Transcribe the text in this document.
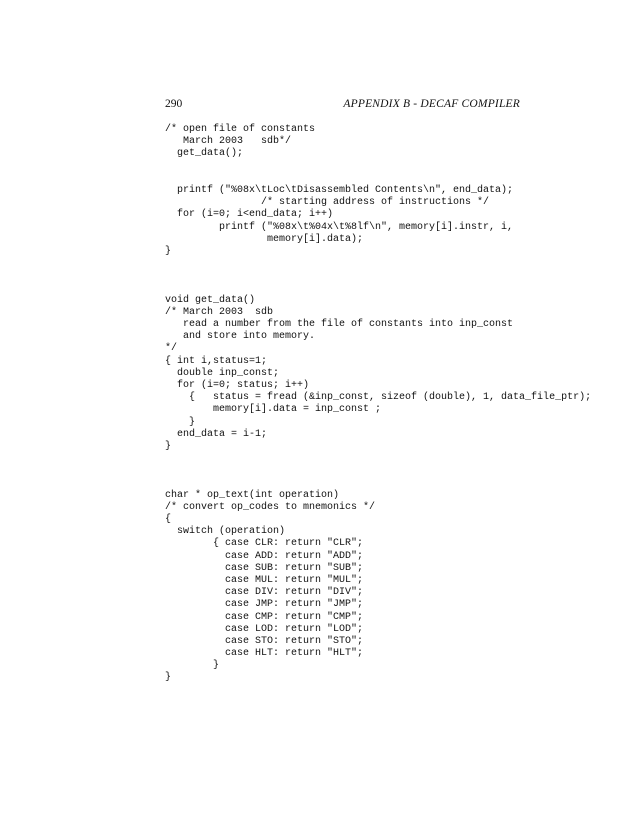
290	APPENDIX B - DECAF COMPILER
/* open file of constants
March 2003   sdb*/
get_data();
printf ("%08x\tLoc\tDisassembled Contents\n", end_data);
/* starting address of instructions */
for (i=0; i<end_data; i++)
printf ("%08x\t%04x\t%8lf\n", memory[i].instr, i,
memory[i].data);
}
void get_data()
/* March 2003  sdb
read a number from the file of constants into inp_const
and store into memory.
*/
{ int i,status=1;
double inp_const;
for (i=0; status; i++)
{   status = fread (&inp_const, sizeof (double), 1, data_file_ptr);
memory[i].data = inp_const ;
}
end_data = i-1;
}
char * op_text(int operation)
/* convert op_codes to mnemonics */
{
switch (operation)
{ case CLR: return "CLR";
case ADD: return "ADD";
case SUB: return "SUB";
case MUL: return "MUL";
case DIV: return "DIV";
case JMP: return "JMP";
case CMP: return "CMP";
case LOD: return "LOD";
case STO: return "STO";
case HLT: return "HLT";
}
}
